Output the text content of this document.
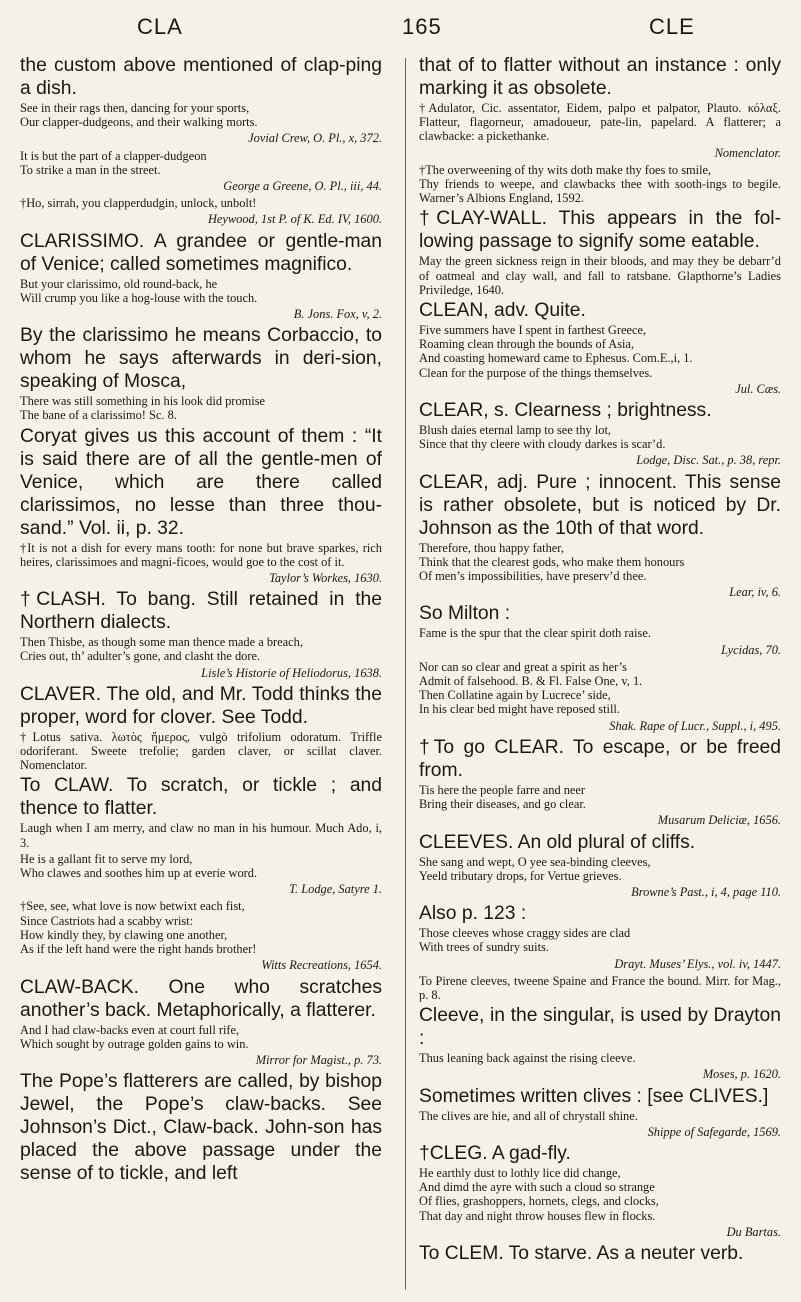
CLA	165	CLE

the custom above mentioned of clap-ping a dish.

See in their rags then, dancing for your sports,
Our clapper-dudgeons, and their walking morts.
Jovial Crew, O. Pl., x, 372.
It is but the part of a clapper-dudgeon
To strike a man in the street.
George a Greene, O. Pl., iii, 44.
†Ho, sirrah, you clapperdudgin, unlock, unbolt!
Heywood, 1st P. of K. Ed. IV, 1600.

CLARISSIMO. A grandee or gentle-man of Venice; called sometimes magnifico.

But your clarissimo, old round-back, he
Will crump you like a hog-louse with the touch.
B. Jons. Fox, v, 2.

By the clarissimo he means Corbaccio, to whom he says afterwards in deri-sion, speaking of Mosca,

There was still something in his look did promise
The bane of a clarissimo! Sc. 8.

Coryat gives us this account of them : “It is said there are of all the gentle-men of Venice, which are there called clarissimos, no lesse than three thou-sand.” Vol. ii, p. 32.

†It is not a dish for every mans tooth: for none but brave sparkes, rich heires, clarissimoes and magni-ficoes, would goe to the cost of it.
Taylor’s Workes, 1630.

†CLASH. To bang. Still retained in the Northern dialects.

Then Thisbe, as though some man thence made a breach,
Cries out, th’ adulter’s gone, and clasht the dore.
Lisle’s Historie of Heliodorus, 1638.

CLAVER. The old, and Mr. Todd thinks the proper, word for clover. See Todd.

†Lotus sativa. λωτὸς ἥμερος, vulgò trifolium odoratum. Triffle odoriferant. Sweete trefolie; garden claver, or scillat claver. Nomenclator.

To CLAW. To scratch, or tickle ; and thence to flatter.

Laugh when I am merry, and claw no man in his humour. Much Ado, i, 3.
He is a gallant fit to serve my lord,
Who clawes and soothes him up at everie word.
T. Lodge, Satyre 1.
†See, see, what love is now betwixt each fist,
Since Castriots had a scabby wrist:
How kindly they, by clawing one another,
As if the left hand were the right hands brother!
Witts Recreations, 1654.

CLAW-BACK. One who scratches another’s back. Metaphorically, a flatterer.

And I had claw-backs even at court full rife,
Which sought by outrage golden gains to win.
Mirror for Magist., p. 73.

The Pope’s flatterers are called, by bishop Jewel, the Pope’s claw-backs. See Johnson’s Dict., Claw-back. John-son has placed the above passage under the sense of to tickle, and left

that of to flatter without an instance : only marking it as obsolete.

†Adulator, Cic. assentator, Eidem, palpo et palpator, Plauto. κόλαξ. Flatteur, flagorneur, amadoueur, pate-lin, papelard. A flatterer; a clawbacke: a pickethanke.
Nomenclator.
†The overweening of thy wits doth make thy foes to smile,
Thy friends to weepe, and clawbacks thee with sooth-ings to begile. Warner’s Albions England, 1592.

†CLAY-WALL. This appears in the fol-lowing passage to signify some eatable.

May the green sickness reign in their bloods, and may they be debarr’d of oatmeal and clay wall, and fall to ratsbane. Glapthorne’s Ladies Priviledge, 1640.

CLEAN, adv. Quite.

Five summers have I spent in farthest Greece,
Roaming clean through the bounds of Asia,
And coasting homeward came to Ephesus. Com.E.,i, 1.
Clean for the purpose of the things themselves.
Jul. Cæs.

CLEAR, s. Clearness ; brightness.

Blush daies eternal lamp to see thy lot,
Since that thy cleere with cloudy darkes is scar’d.
Lodge, Disc. Sat., p. 38, repr.

CLEAR, adj. Pure ; innocent. This sense is rather obsolete, but is noticed by Dr. Johnson as the 10th of that word.

Therefore, thou happy father,
Think that the clearest gods, who make them honours
Of men’s impossibilities, have preserv’d thee.
Lear, iv, 6.

So Milton :

Fame is the spur that the clear spirit doth raise.
Lycidas, 70.
Nor can so clear and great a spirit as her’s
Admit of falsehood. B. & Fl. False One, v, 1.
Then Collatine again by Lucrece’ side,
In his clear bed might have reposed still.
Shak. Rape of Lucr., Suppl., i, 495.

†To go CLEAR. To escape, or be freed from.

Tis here the people farre and neer
Bring their diseases, and go clear.
Musarum Deliciæ, 1656.

CLEEVES. An old plural of cliffs.

She sang and wept, O yee sea-binding cleeves,
Yeeld tributary drops, for Vertue grieves.
Browne’s Past., i, 4, page 110.

Also p. 123 :

Those cleeves whose craggy sides are clad
With trees of sundry suits.
Drayt. Muses’ Elys., vol. iv, 1447.
To Pirene cleeves, tweene Spaine and France the bound. Mirr. for Mag., p. 8.

Cleeve, in the singular, is used by Drayton :

Thus leaning back against the rising cleeve.
Moses, p. 1620.

Sometimes written clives : [see CLIVES.]

The clives are hie, and all of chrystall shine.
Shippe of Safegarde, 1569.

†CLEG. A gad-fly.

He earthly dust to lothly lice did change,
And dimd the ayre with such a cloud so strange
Of flies, grashoppers, hornets, clegs, and clocks,
That day and night throw houses flew in flocks.
Du Bartas.

To CLEM. To starve. As a neuter verb.
